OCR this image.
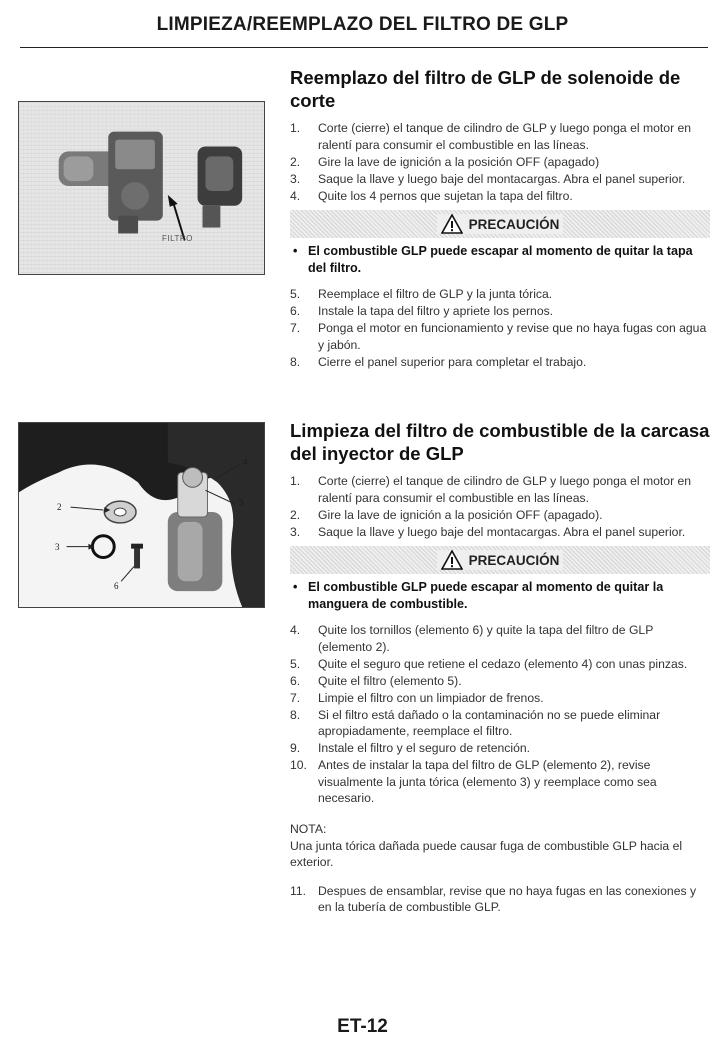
LIMPIEZA/REEMPLAZO DEL FILTRO DE GLP
FILTRO
2
3
4
5
6
Reemplazo del filtro de GLP de solenoide de corte
1. Corte (cierre) el tanque de cilindro de GLP y luego ponga el motor en ralentí para consumir el combustible en las líneas.
2. Gire la lave de ignición a la posición OFF (apagado)
3. Saque la llave y luego baje del montacargas. Abra el panel superior.
4. Quite los 4 pernos que sujetan la tapa del filtro.
PRECAUCIÓN
• El combustible GLP puede escapar al momento de quitar la tapa del filtro.
5. Reemplace el filtro de GLP y la junta tórica.
6. Instale la tapa del filtro y apriete los pernos.
7. Ponga el motor en funcionamiento y revise que no haya fugas con agua y jabón.
8. Cierre el panel superior para completar el trabajo.
Limpieza del filtro de combustible de la carcasa del inyector de GLP
1. Corte (cierre) el tanque de cilindro de GLP y luego ponga el motor en ralentí para consumir el combustible en las líneas.
2. Gire la lave de ignición a la posición OFF (apagado).
3. Saque la llave y luego baje del montacargas. Abra el panel superior.
PRECAUCIÓN
• El combustible GLP puede escapar al momento de quitar la manguera de combustible.
4. Quite los tornillos (elemento 6) y quite la tapa del filtro de GLP (elemento 2).
5. Quite el seguro que retiene el cedazo (elemento 4) con unas pinzas.
6. Quite el filtro (elemento 5).
7. Limpie el filtro con un limpiador de frenos.
8. Si el filtro está dañado o la contaminación no se puede eliminar apropiadamente, reemplace el filtro.
9. Instale el filtro y el seguro de retención.
10. Antes de instalar la tapa del filtro de GLP (elemento 2), revise visualmente la junta tórica (elemento 3) y reemplace como sea necesario.
NOTA:
Una junta tórica dañada puede causar fuga de combustible GLP hacia el exterior.
11. Despues de ensamblar, revise que no haya fugas en las conexiones y en la tubería de combustible GLP.
ET-12
